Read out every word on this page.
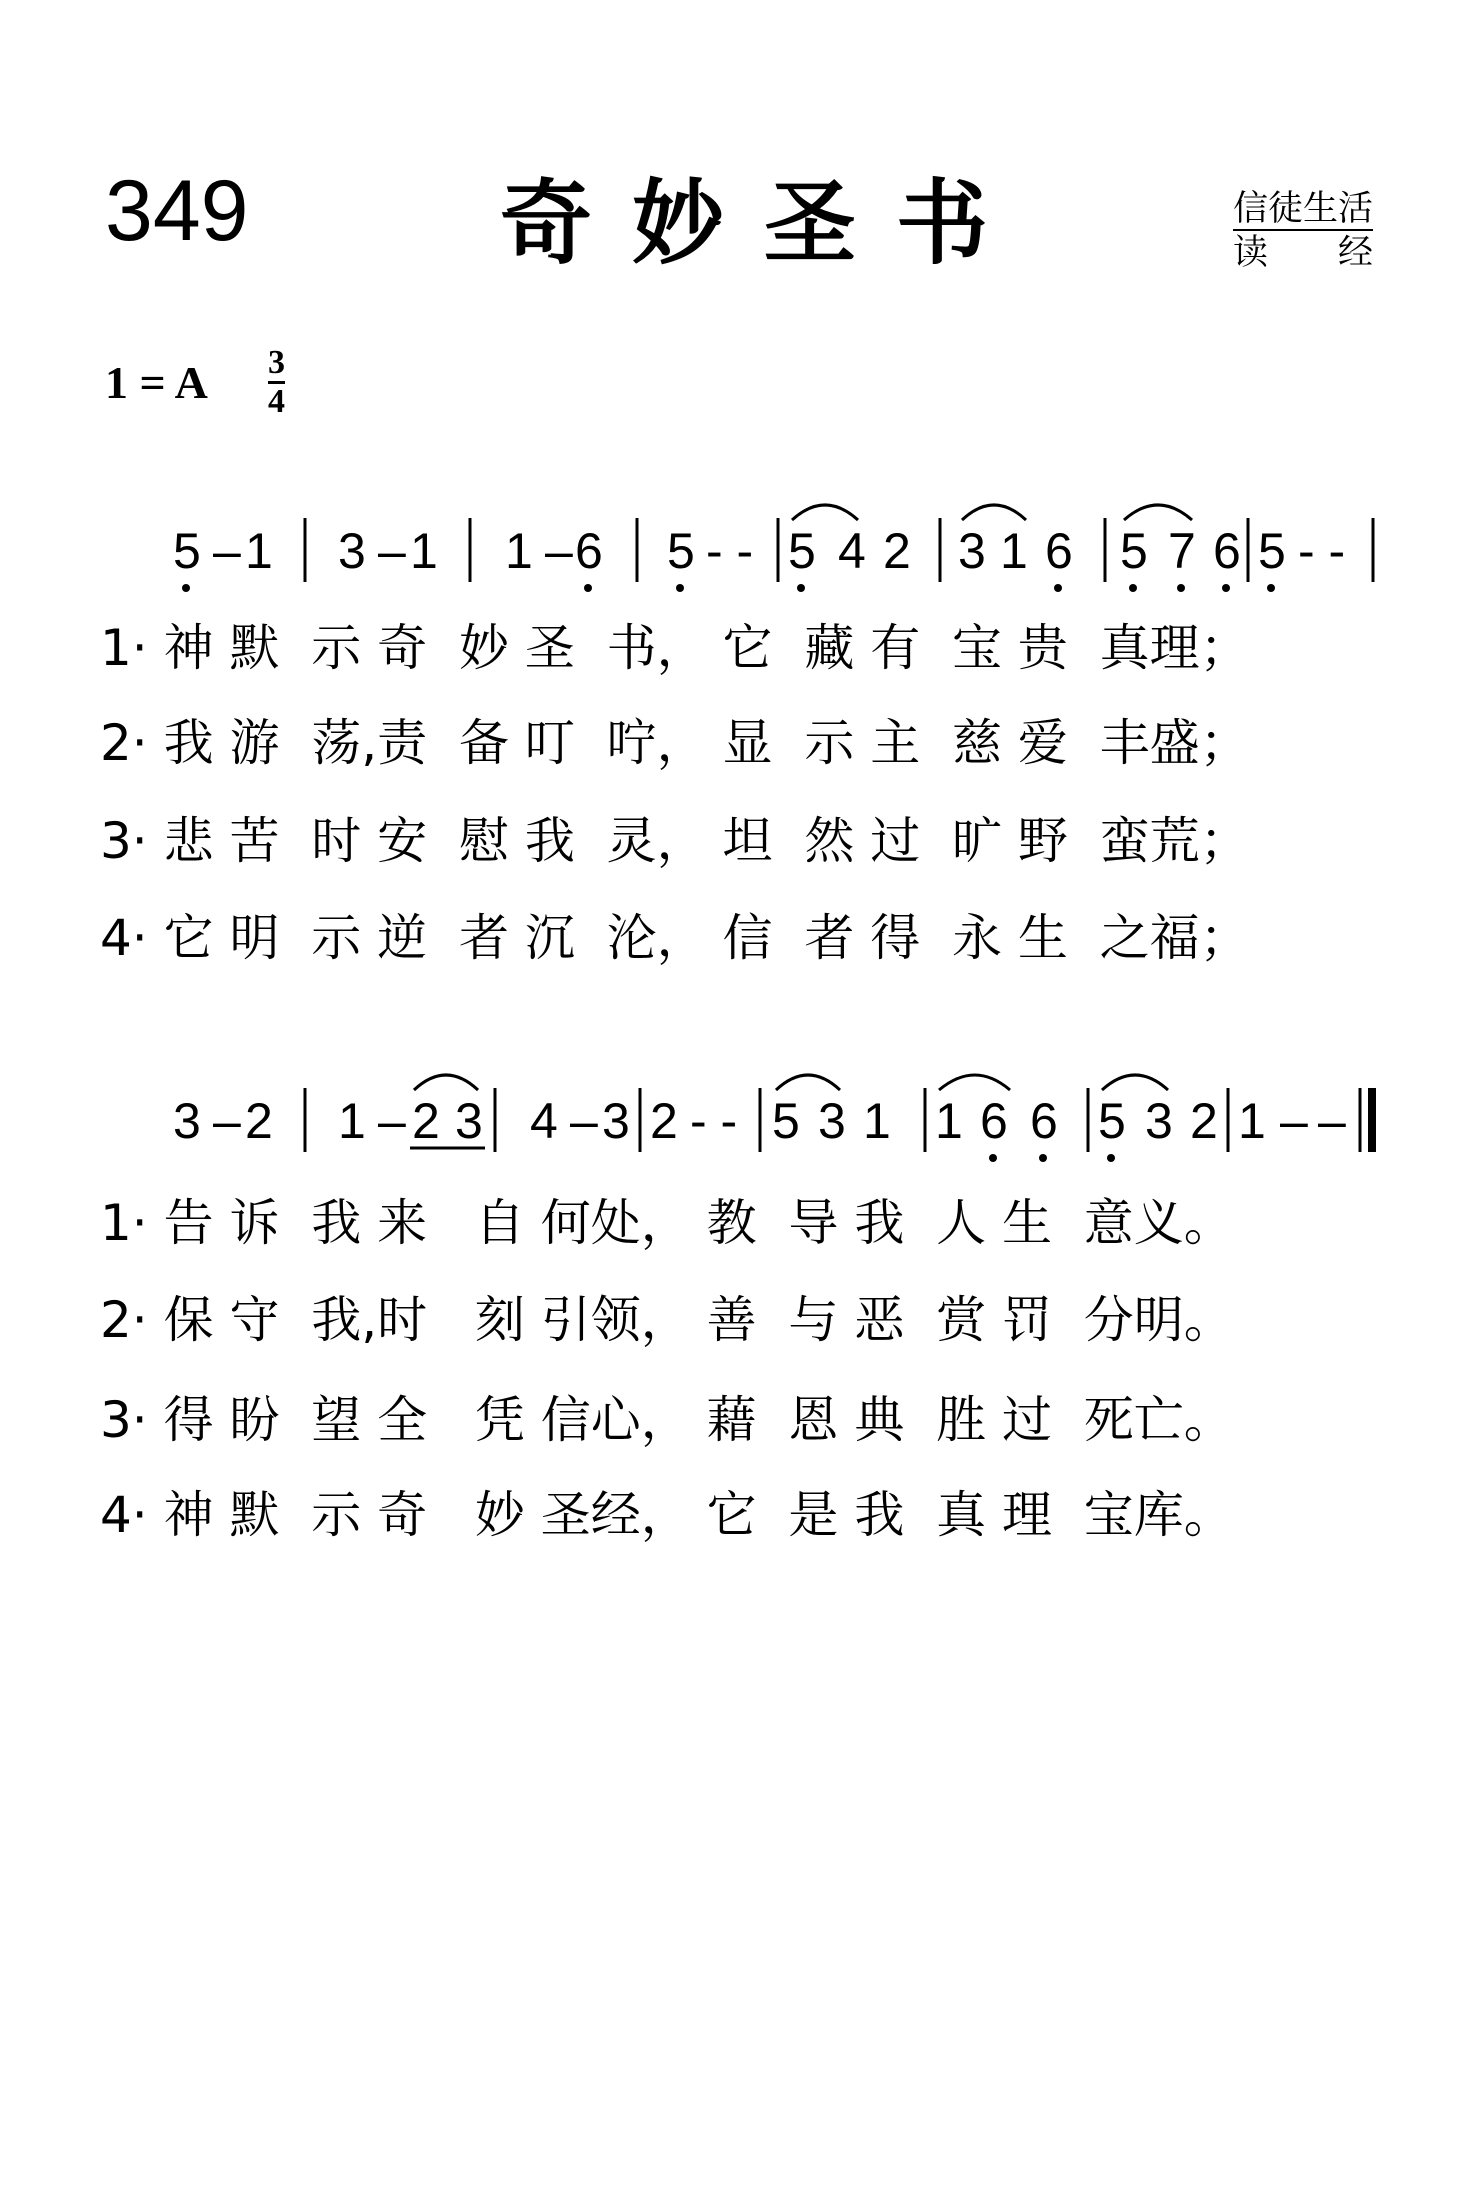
349	奇妙圣书	信徒生活
读 经
1 = A $\frac{3}{4}$
5 – 1 3 – 1 1 – 6 5 - - 5 4 2 3 1 6 5 7 6 5 - -
1· 神 默  示 奇  妙 圣  书， 它  藏 有  宝 贵  真理；
2· 我 游  荡,责  备 叮  咛， 显  示 主  慈 爱  丰盛；
3· 悲 苦  时 安  慰 我  灵， 坦  然 过  旷 野  蛮荒；
4· 它 明  示 逆  者 沉  沦， 信  者 得  永 生  之福；
3 – 2 1 – 2 3 4 – 3 2 - - 5 3 1 1 6 6 5 3 2 1 – –
1· 告 诉  我 来   自 何处， 教  导 我  人 生  意义。
2· 保 守  我,时   刻 引领， 善  与 恶  赏 罚  分明。
3· 得 盼  望 全   凭 信心， 藉  恩 典  胜 过  死亡。
4· 神 默  示 奇   妙 圣经， 它  是 我  真 理  宝库。
